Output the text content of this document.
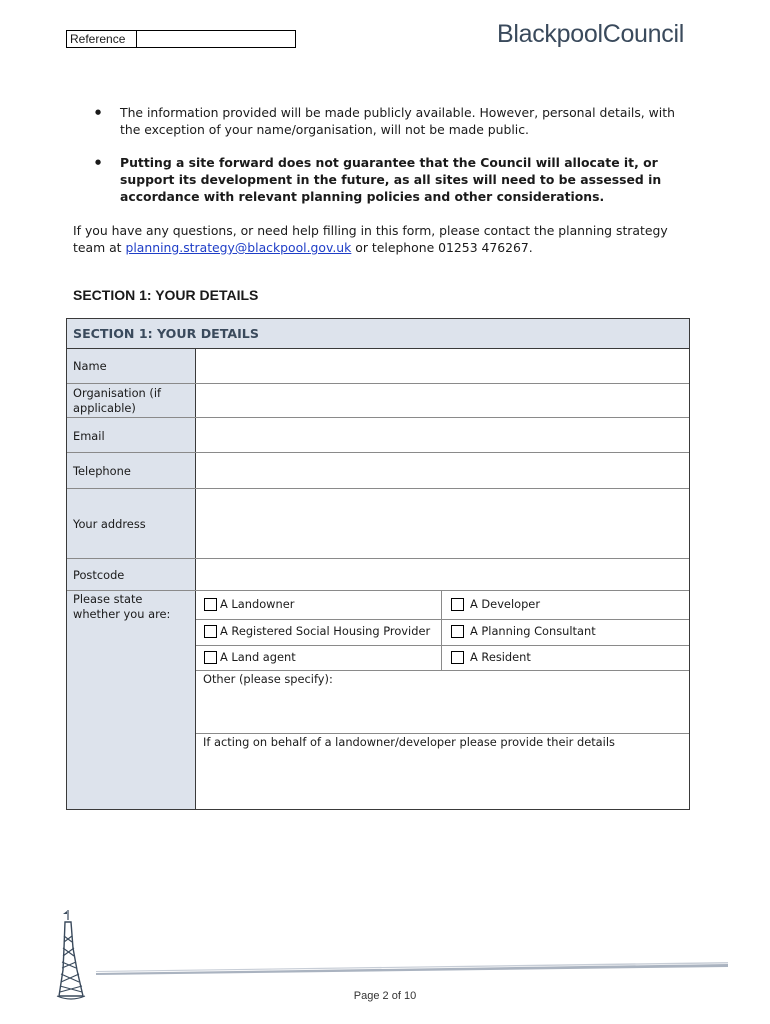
Reference	BlackpoolCouncil
● The information provided will be made publicly available. However, personal details, with the exception of your name/organisation, will not be made public.
● Putting a site forward does not guarantee that the Council will allocate it, or support its development in the future, as all sites will need to be assessed in accordance with relevant planning policies and other considerations.

If you have any questions, or need help filling in this form, please contact the planning strategy team at planning.strategy@blackpool.gov.uk or telephone 01253 476267.

SECTION 1: YOUR DETAILS
SECTION 1: YOUR DETAILS
Name
Organisation (if applicable)
Email
Telephone
Your address
Postcode
Please state whether you are:
A Landowner	A Developer
A Registered Social Housing Provider	A Planning Consultant
A Land agent	A Resident
Other (please specify):
If acting on behalf of a landowner/developer please provide their details
Page 2 of 10
